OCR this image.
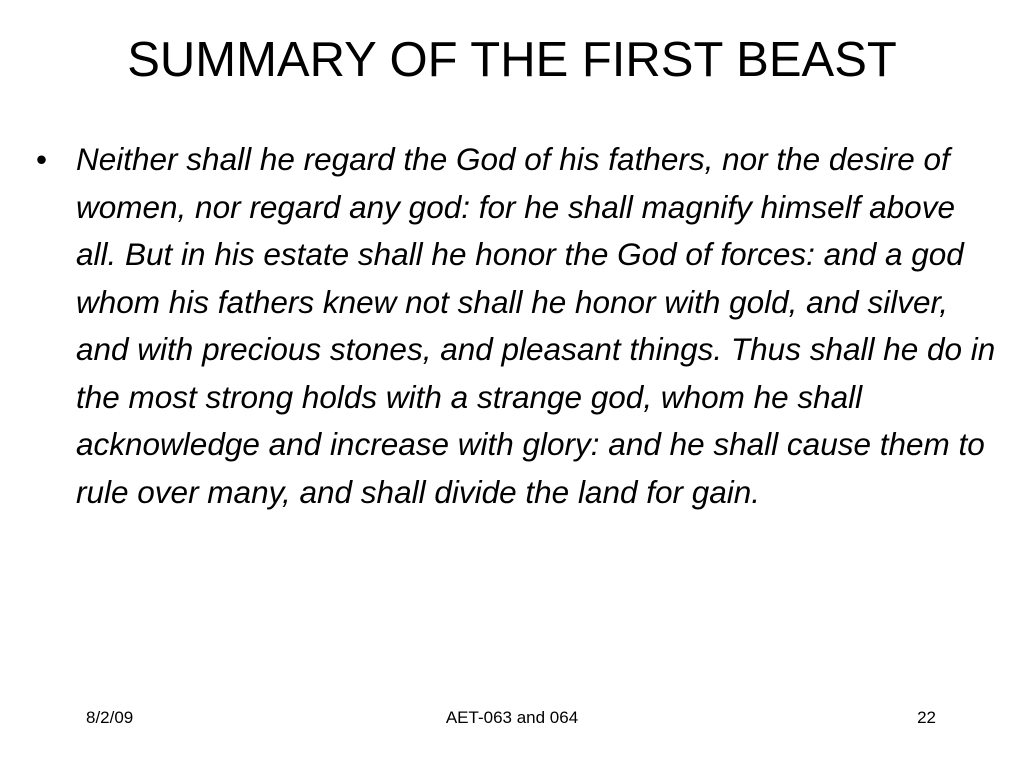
SUMMARY OF THE FIRST BEAST
• Neither shall he regard the God of his fathers, nor the desire of women, nor regard any god: for he shall magnify himself above all. But in his estate shall he honor the God of forces: and a god whom his fathers knew not shall he honor with gold, and silver, and with precious stones, and pleasant things. Thus shall he do in the most strong holds with a strange god, whom he shall acknowledge and increase with glory: and he shall cause them to rule over many, and shall divide the land for gain.
8/2/09	AET-063 and 064	22
